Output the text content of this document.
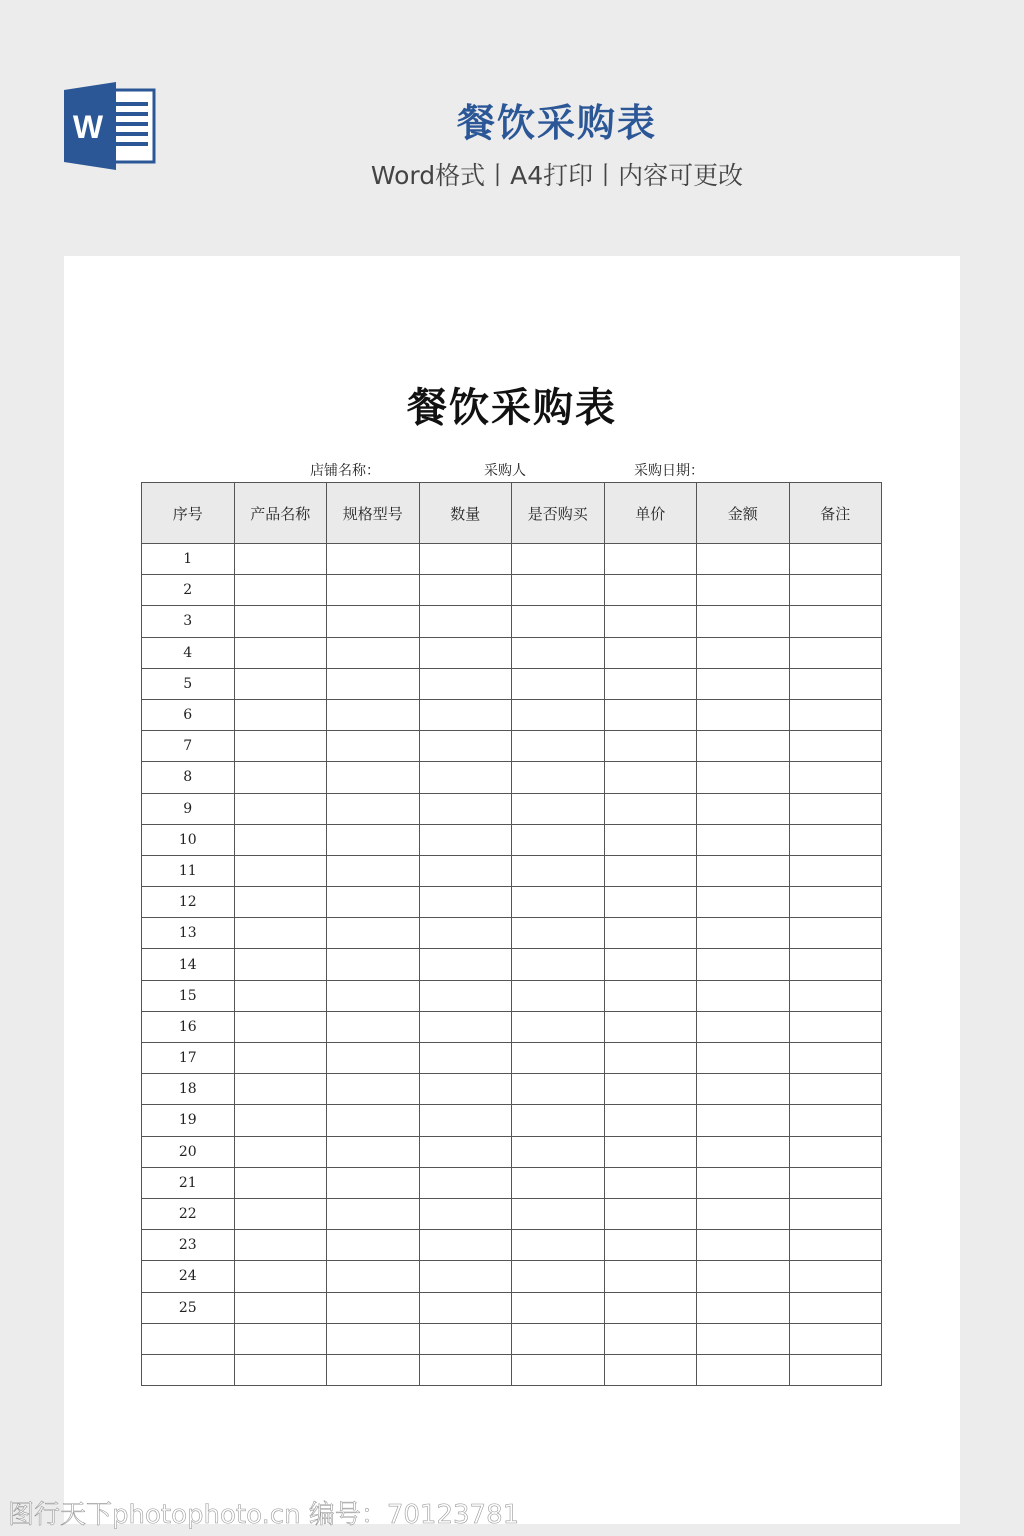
W	餐饮采购表
Word格式丨A4打印丨内容可更改
餐饮采购表
店铺名称：	采购人	采购日期：
序号	产品名称	规格型号	数量	是否购买	单价	金额	备注
1							
2							
3							
4							
5							
6							
7							
8							
9							
10							
11							
12							
13							
14							
15							
16							
17							
18							
19							
20							
21							
22							
23							
24							
25							

图行天下photophoto.cn 编号：70123781
